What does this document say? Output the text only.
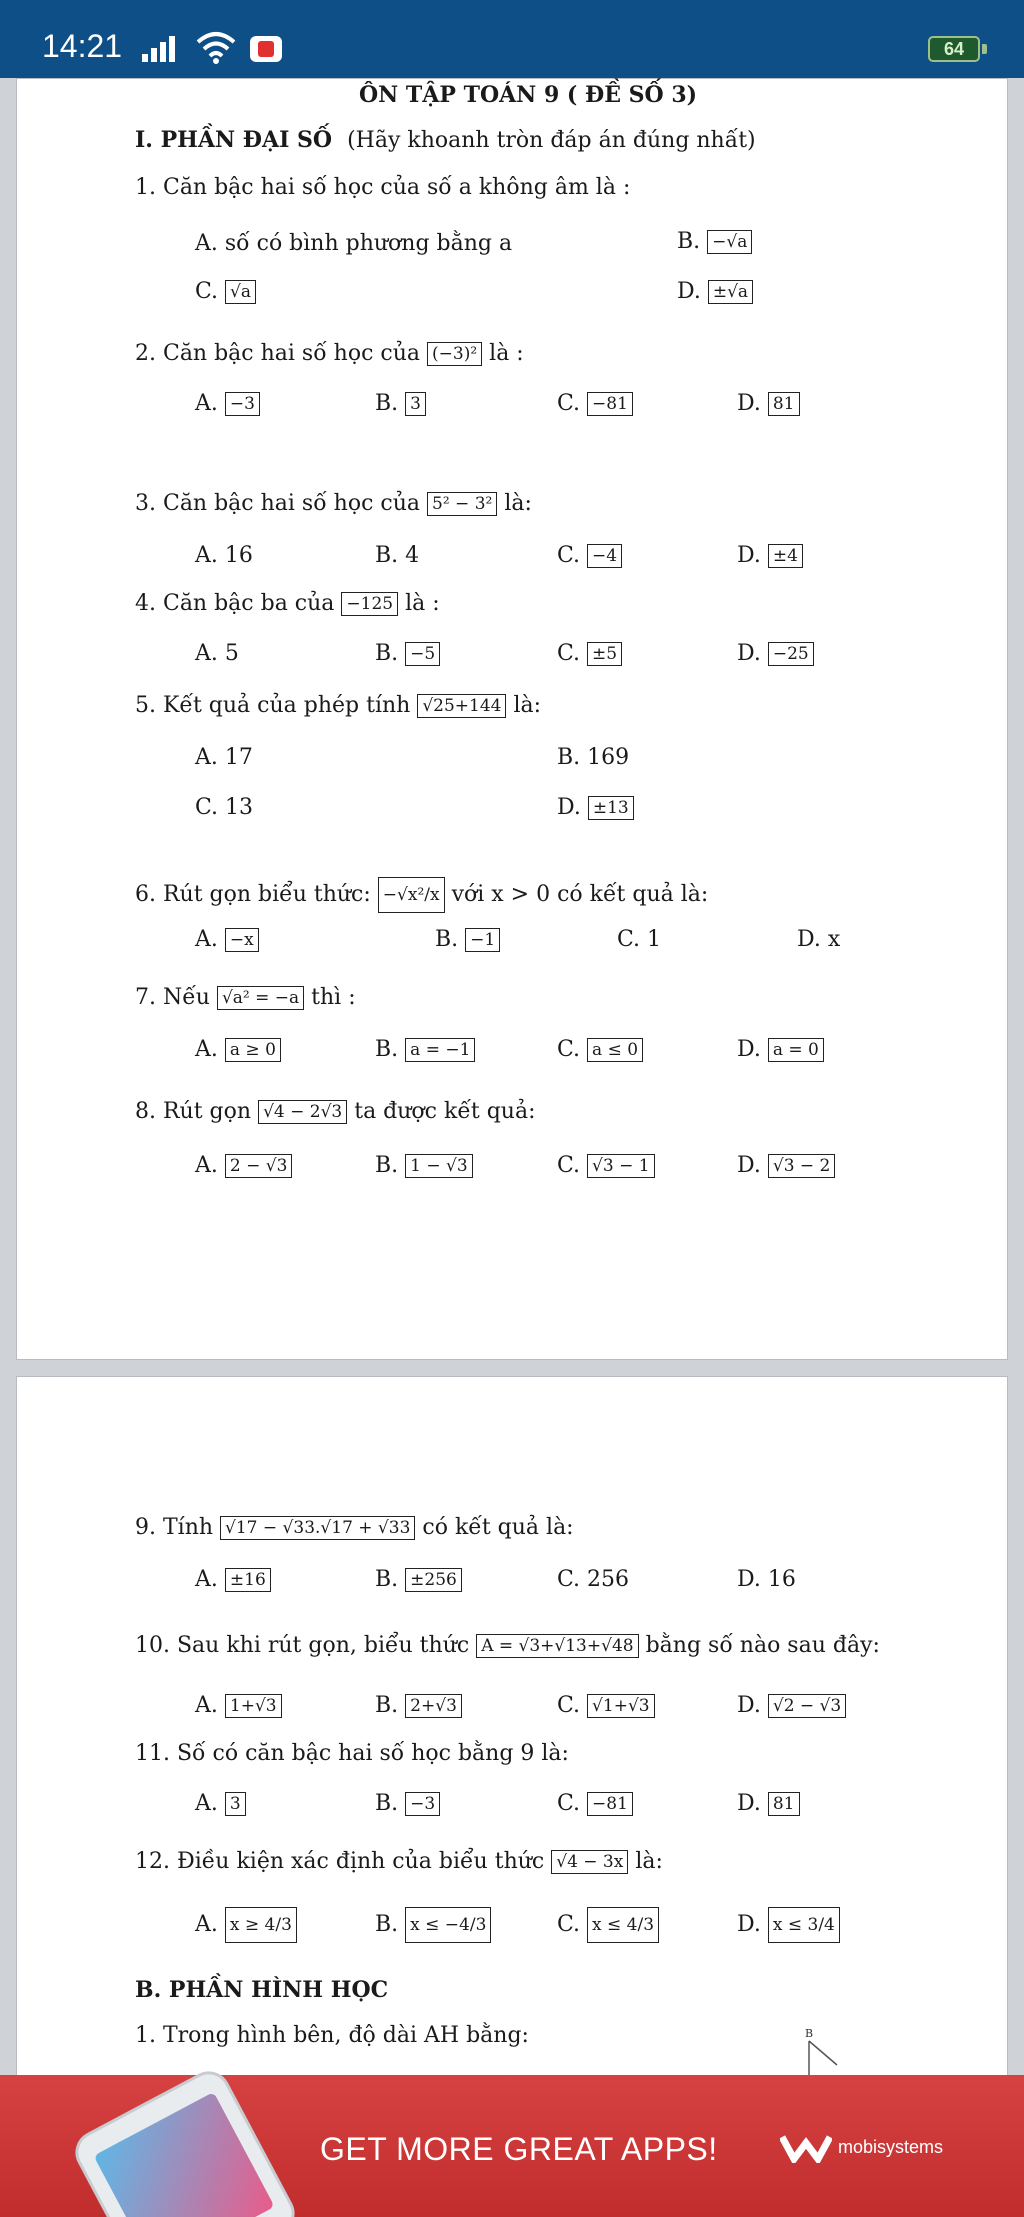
14:21	64
ÔN TẬP TOÁN 9 ( ĐỀ SỐ 3)
I. PHẦN ĐẠI SỐ (Hãy khoanh tròn đáp án đúng nhất)
1. Căn bậc hai số học của số a không âm là :
A. số có bình phương bằng a	B. −√a
C. √a	D. ±√a
2. Căn bậc hai số học của (−3)² là :
A. −3	B. 3	C. −81	D. 81
3. Căn bậc hai số học của 5² − 3² là:
A. 16	B. 4	C. −4	D. ±4
4. Căn bậc ba của −125 là :
A. 5	B. −5	C. ±5	D. −25
5. Kết quả của phép tính √25+144 là:
A. 17	B. 169
C. 13	D. ±13
6. Rút gọn biểu thức: −√x²/x với x > 0 có kết quả là:
A. −x	B. −1	C. 1	D. x
7. Nếu √a² = −a thì :
A. a ≥ 0	B. a = −1	C. a ≤ 0	D. a = 0
8. Rút gọn √4 − 2√3 ta được kết quả:
A. 2 − √3	B. 1 − √3	C. √3 − 1	D. √3 − 2
9. Tính √17 − √33.√17 + √33 có kết quả là:
A. ±16	B. ±256	C. 256	D. 16
10. Sau khi rút gọn, biểu thức A = √3+√13+√48 bằng số nào sau đây:
A. 1+√3	B. 2+√3	C. √1+√3	D. √2 − √3
11. Số có căn bậc hai số học bằng 9 là:
A. 3	B. −3	C. −81	D. 81
12. Điều kiện xác định của biểu thức √4 − 3x là:
A. x ≥ 4/3	B. x ≤ −4/3	C. x ≤ 4/3	D. x ≤ 3/4
B. PHẦN HÌNH HỌC
1. Trong hình bên, độ dài AH bằng:	B
GET MORE GREAT APPS!	mobisystems
